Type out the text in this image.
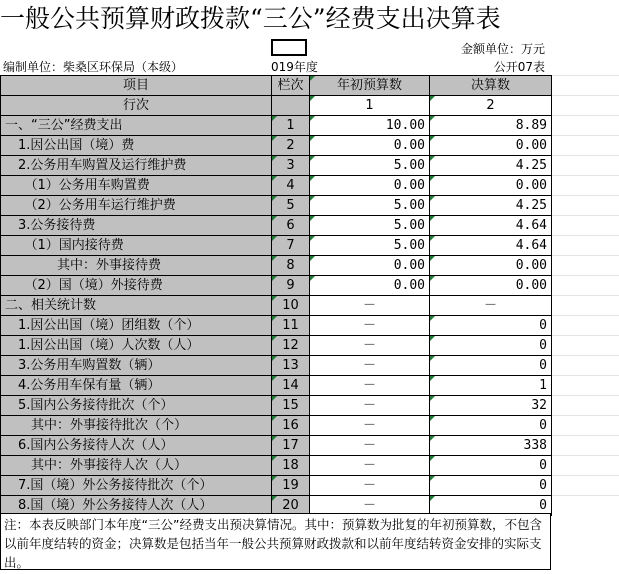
一般公共预算财政拨款“三公”经费支出决算表
金额单位：万元
编制单位：柴桑区环保局（本级）	019年度	公开07表
项目	栏次	年初预算数	决算数
行次		1	2
一、“三公”经费支出	1	10.00	8.89
　1.因公出国（境）费	2	0.00	0.00
　2.公务用车购置及运行维护费	3	5.00	4.25
　　（1）公务用车购置费	4	0.00	0.00
　　（2）公务用车运行维护费	5	5.00	4.25
　3.公务接待费	6	5.00	4.64
　　（1）国内接待费	7	5.00	4.64
　　　　其中：外事接待费	8	0.00	0.00
　　（2）国（境）外接待费	9	0.00	0.00
二、相关统计数	10	－	－
　1.因公出国（境）团组数（个）	11	－	0
　1.因公出国（境）人次数（人）	12	－	0
　3.公务用车购置数（辆）	13	－	0
　4.公务用车保有量（辆）	14	－	1
　5.国内公务接待批次（个）	15	－	32
　　其中：外事接待批次（个）	16	－	0
　6.国内公务接待人次（人）	17	－	338
　　其中：外事接待人次（人）	18	－	0
　7.国（境）外公务接待批次（个）	19	－	0
　8.国（境）外公务接待人次（人）	20	－	0
注：本表反映部门本年度“三公”经费支出预决算情况。其中：预算数为批复的年初预算数，不包含以前年度结转的资金；决算数是包括当年一般公共预算财政拨款和以前年度结转资金安排的实际支出。
